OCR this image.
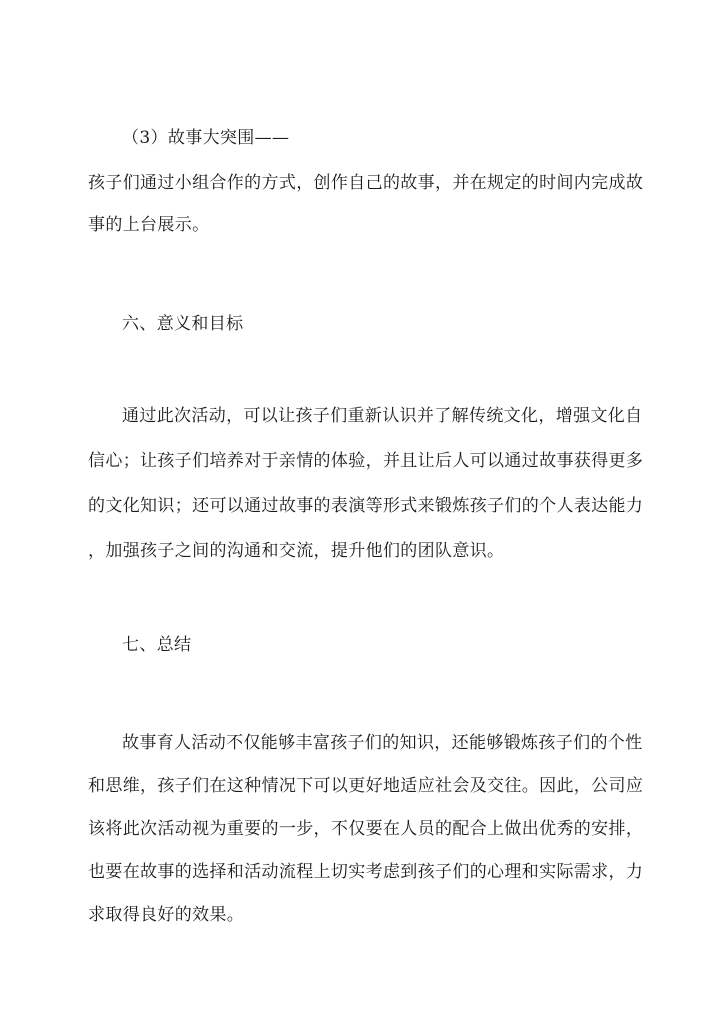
（3）故事大突围——
孩子们通过小组合作的方式，创作自己的故事，并在规定的时间内完成故
事的上台展示。
六、意义和目标
通过此次活动，可以让孩子们重新认识并了解传统文化，增强文化自
信心；让孩子们培养对于亲情的体验，并且让后人可以通过故事获得更多
的文化知识；还可以通过故事的表演等形式来锻炼孩子们的个人表达能力
，加强孩子之间的沟通和交流，提升他们的团队意识。
七、总结
故事育人活动不仅能够丰富孩子们的知识，还能够锻炼孩子们的个性
和思维，孩子们在这种情况下可以更好地适应社会及交往。因此，公司应
该将此次活动视为重要的一步，不仅要在人员的配合上做出优秀的安排，
也要在故事的选择和活动流程上切实考虑到孩子们的心理和实际需求，力
求取得良好的效果。
